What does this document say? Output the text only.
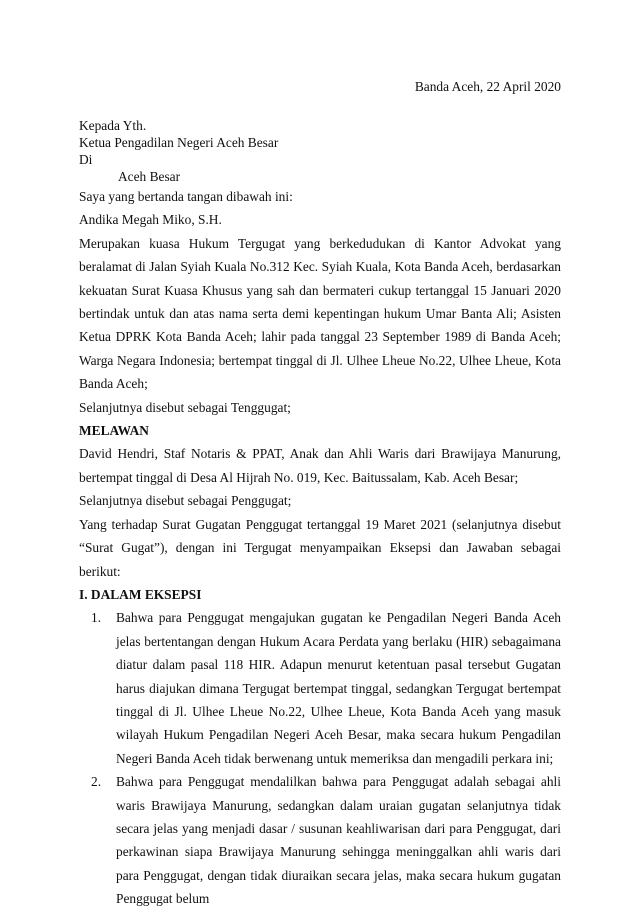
Banda Aceh, 22 April 2020
Kepada Yth.
Ketua Pengadilan Negeri Aceh Besar
Di
Aceh Besar

Saya yang bertanda tangan dibawah ini:

Andika Megah Miko, S.H.

Merupakan kuasa Hukum Tergugat yang berkedudukan di Kantor Advokat yang beralamat di Jalan Syiah Kuala No.312 Kec. Syiah Kuala, Kota Banda Aceh, berdasarkan kekuatan Surat Kuasa Khusus yang sah dan bermateri cukup tertanggal 15 Januari 2020 bertindak untuk dan atas nama serta demi kepentingan hukum Umar Banta Ali; Asisten Ketua DPRK Kota Banda Aceh; lahir pada tanggal 23 September 1989 di Banda Aceh; Warga Negara Indonesia; bertempat tinggal di Jl. Ulhee Lheue No.22, Ulhee Lheue, Kota Banda Aceh;

Selanjutnya disebut sebagai Tenggugat;

MELAWAN

David Hendri, Staf Notaris & PPAT, Anak dan Ahli Waris dari Brawijaya Manurung, bertempat tinggal di Desa Al Hijrah No. 019, Kec. Baitussalam, Kab. Aceh Besar;

Selanjutnya disebut sebagai Penggugat;

Yang terhadap Surat Gugatan Penggugat tertanggal 19 Maret 2021 (selanjutnya disebut “Surat Gugat”), dengan ini Tergugat menyampaikan Eksepsi dan Jawaban sebagai berikut:

I. DALAM EKSEPSI
1. Bahwa para Penggugat mengajukan gugatan ke Pengadilan Negeri Banda Aceh jelas bertentangan dengan Hukum Acara Perdata yang berlaku (HIR) sebagaimana diatur dalam pasal 118 HIR. Adapun menurut ketentuan pasal tersebut Gugatan harus diajukan dimana Tergugat bertempat tinggal, sedangkan Tergugat bertempat tinggal di Jl. Ulhee Lheue No.22, Ulhee Lheue, Kota Banda Aceh yang masuk wilayah Hukum Pengadilan Negeri Aceh Besar, maka secara hukum Pengadilan Negeri Banda Aceh tidak berwenang untuk memeriksa dan mengadili perkara ini;
2. Bahwa para Penggugat mendalilkan bahwa para Penggugat adalah sebagai ahli waris Brawijaya Manurung, sedangkan dalam uraian gugatan selanjutnya tidak secara jelas yang menjadi dasar / susunan keahliwarisan dari para Penggugat, dari perkawinan siapa Brawijaya Manurung sehingga meninggalkan ahli waris dari para Penggugat, dengan tidak diuraikan secara jelas, maka secara hukum gugatan Penggugat belum
